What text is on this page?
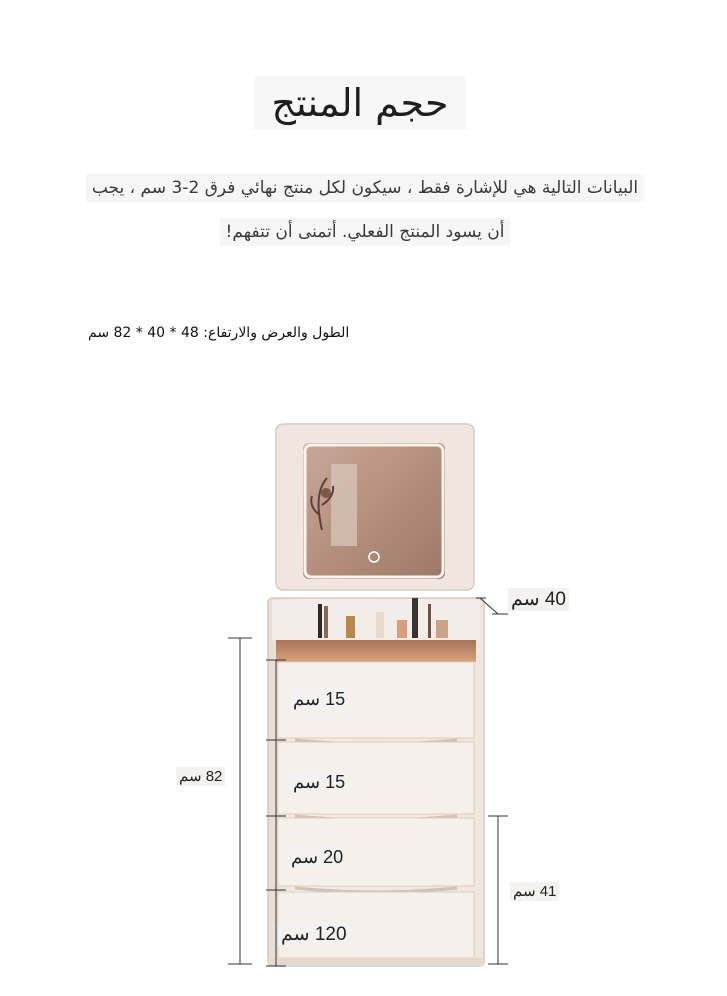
حجم المنتج
البيانات التالية هي للإشارة فقط ، سيكون لكل منتج نهائي فرق 2-3 سم ، يجب
أن يسود المنتج الفعلي. أتمنى أن تتفهم!
الطول والعرض والارتفاع: 48 * 40 * 82 سم
40 سم
15 سم
15 سم
20 سم
120 سم
82 سم
41 سم
